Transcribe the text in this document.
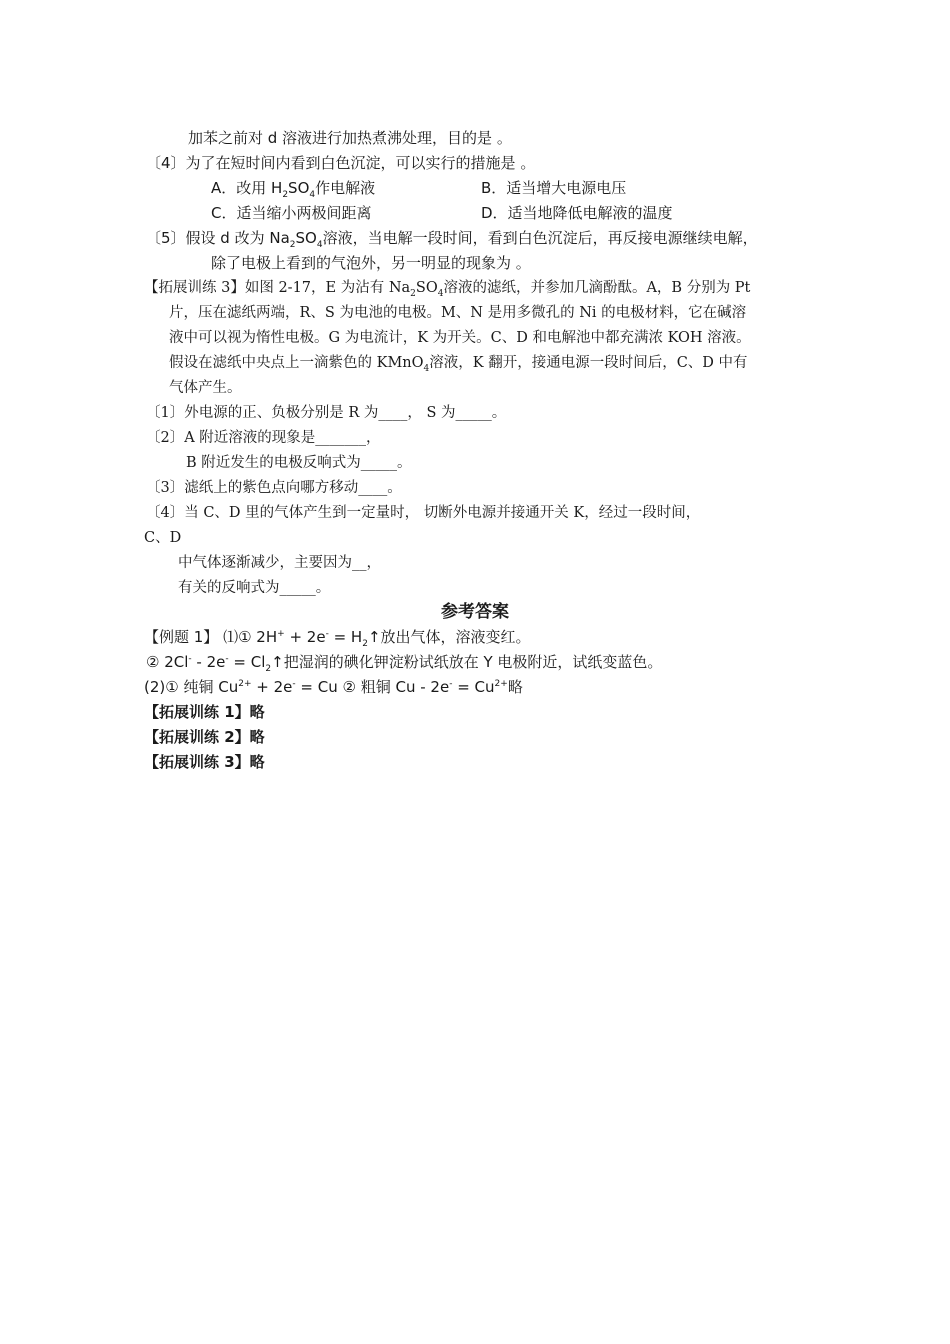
加苯之前对 d 溶液进行加热煮沸处理，目的是 。
〔4〕为了在短时间内看到白色沉淀，可以实行的措施是 。
A．改用 $H_2SO_4$作电解液	B．适当增大电源电压
C．适当缩小两极间距离	D．适当地降低电解液的温度
〔5〕假设 d 改为 $Na_2SO_4$溶液，当电解一段时间，看到白色沉淀后，再反接电源继续电解，
除了电极上看到的气泡外，另一明显的现象为 。
【拓展训练 3】如图 2-17，E 为沾有 $Na_2SO_4$溶液的滤纸，并参加几滴酚酞。A，B 分别为 Pt
片，压在滤纸两端，R、S 为电池的电极。M、N 是用多微孔的 Ni 的电极材料，它在碱溶
液中可以视为惰性电极。G 为电流计，K 为开关。C、D 和电解池中都充满浓 KOH 溶液。
假设在滤纸中央点上一滴紫色的 KMnO$_4$溶液，K 翻开，接通电源一段时间后，C、D 中有
气体产生。
〔1〕外电源的正、负极分别是 R 为____， S 为_____。
〔2〕A 附近溶液的现象是_______，
B 附近发生的电极反响式为_____。
〔3〕滤纸上的紫色点向哪方移动____。
〔4〕当 C、D 里的气体产生到一定量时， 切断外电源并接通开关 K，经过一段时间，
C、D
中气体逐渐减少，主要因为__，
有关的反响式为_____。
参考答案
【例题 1】 ⑴① $2H^+ + 2e^- = H_2↑$放出气体，溶液变红。
② $2Cl^- - 2e^- = Cl_2↑$把湿润的碘化钾淀粉试纸放在 Y 电极附近，试纸变蓝色。
(2)① 纯铜 $Cu^{2+} + 2e^- = Cu$ ② 粗铜 $Cu - 2e^- = Cu^{2+}$略
【拓展训练 1】略
【拓展训练 2】略
【拓展训练 3】略
